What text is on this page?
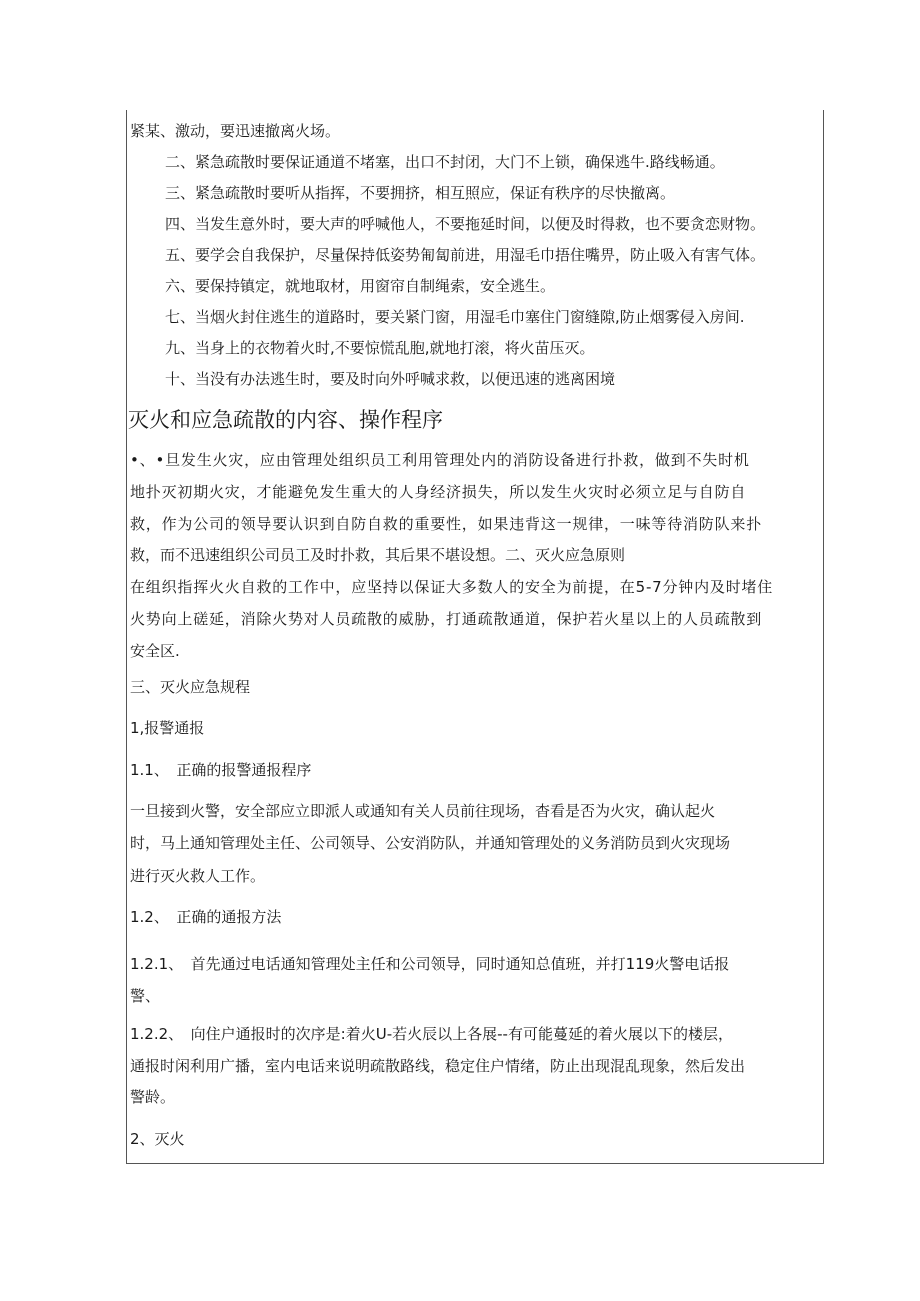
紧某、激动，要迅速撤离火场。
二、紧急疏散时要保证通道不堵塞，出口不封闭，大门不上锁，确保逃牛.路线畅通。
三、紧急疏散时要听从指挥，不要拥挤，相互照应，保证有秩序的尽快撤离。
四、当发生意外时，要大声的呼喊他人，不要拖延时间，以便及时得救，也不要贪恋财物。
五、要学会自我保护，尽量保持低姿势匍匐前进，用湿毛巾捂住嘴畀，防止吸入有害气体。
六、要保持镇定，就地取材，用窗帘自制绳索，安全逃生。
七、当烟火封住逃生的道路时，要关紧门窗，用湿毛巾塞住门窗缝隙,防止烟雾侵入房间.
九、当身上的衣物着火时,不要惊慌乱胞,就地打滚，将火苗压灭。
十、当没有办法逃生时，要及时向外呼喊求救，以便迅速的逃离困境
灭火和应急疏散的内容、操作程序
•、•旦发生火灾，应由管理处组织员工利用管理处内的消防设备进行扑救，做到不失时机
地扑灭初期火灾，才能避免发生重大的人身经济损失，所以发生火灾时必须立足与自防自
救，作为公司的领导要认识到自防自救的重要性，如果违背这一规律，一味等待消防队来扑
救，而不迅速组织公司员工及时扑救，其后果不堪设想。二、灭火应急原则
在组织指挥火火自救的工作中，应坚持以保证大多数人的安全为前提，在5-7分钟内及时堵住
火势向上磋延，消除火势对人员疏散的威胁，打通疏散通道，保护若火星以上的人员疏散到
安全区.
三、灭火应急规程
1,报警通报
1.1、　正确的报警通报程序
一旦接到火警，安全部应立即派人或通知有关人员前往现场，杳看是否为火灾，确认起火
时，马上通知管理处主任、公司领导、公安消防队，并通知管理处的义务消防员到火灾现场
进行灭火救人工作。
1.2、　正确的通报方法
1.2.1、　首先通过电话通知管理处主任和公司领导，同时通知总值班，并打119火警电话报
警、
1.2.2、　向住户通报时的次序是:着火U-若火辰以上各展--有可能蔓延的着火展以下的楼层，
通报时闲利用广播，室内电话来说明疏散路线，稳定住户情绪，防止出现混乱现象，然后发出
警龄。
2、灭火
